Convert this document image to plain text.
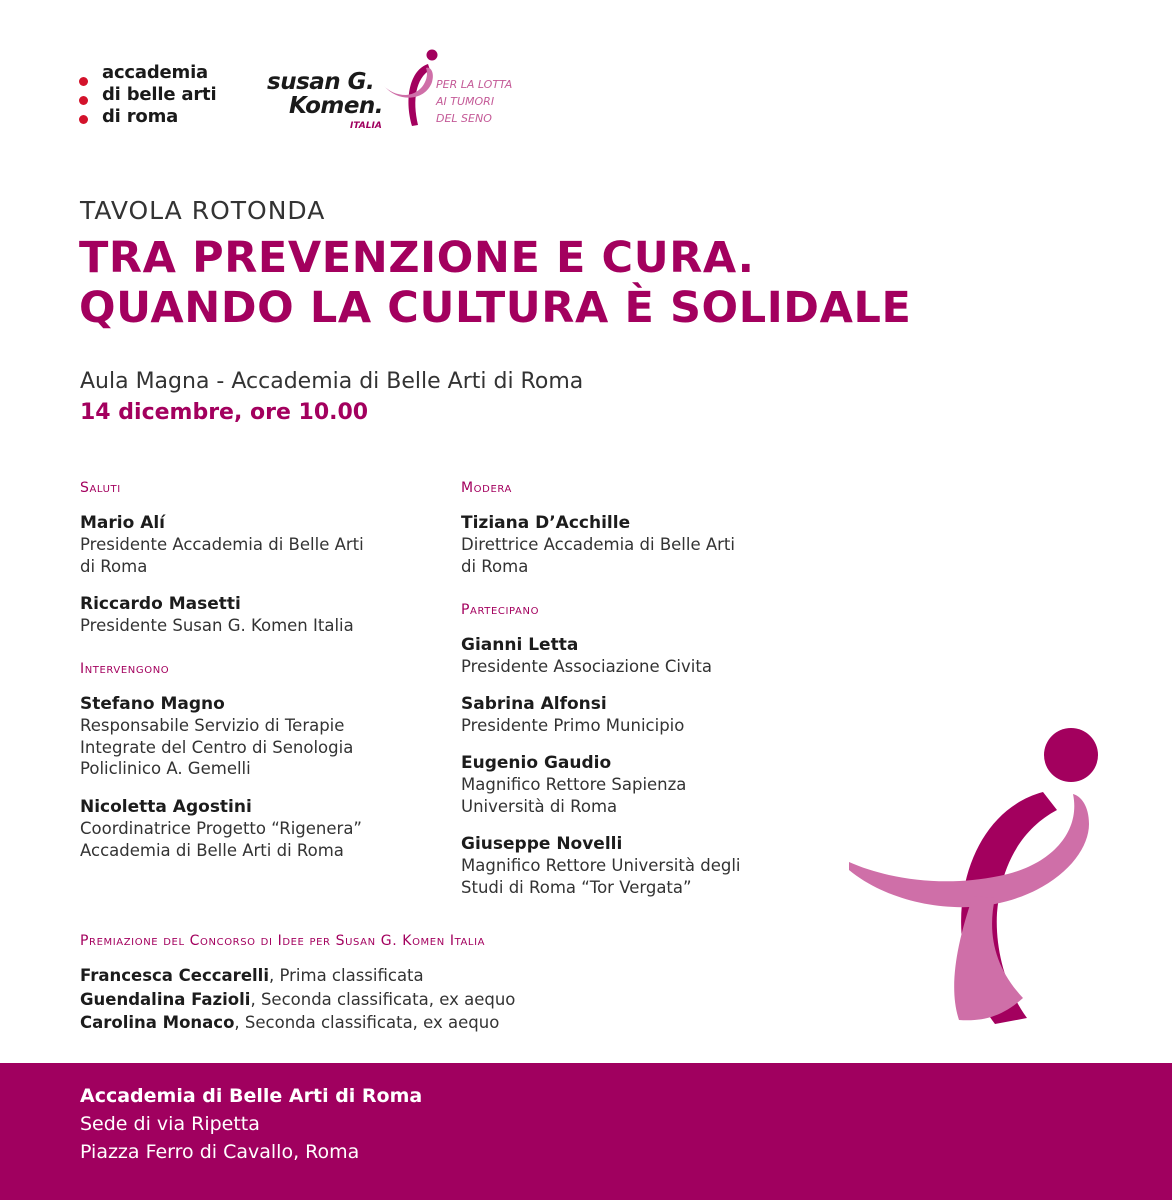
accademia
di belle arti
di roma
susan G.
Komen.
ITALIA
PER LA LOTTA
AI TUMORI
DEL SENO
TAVOLA ROTONDA
TRA PREVENZIONE E CURA.
QUANDO LA CULTURA È SOLIDALE
Aula Magna - Accademia di Belle Arti di Roma
14 dicembre, ore 10.00
Saluti
Mario Alí
Presidente Accademia di Belle Arti
di Roma
Riccardo Masetti
Presidente Susan G. Komen Italia
Intervengono
Stefano Magno
Responsabile Servizio di Terapie
Integrate del Centro di Senologia
Policlinico A. Gemelli
Nicoletta Agostini
Coordinatrice Progetto “Rigenera”
Accademia di Belle Arti di Roma
Modera
Tiziana D’Acchille
Direttrice Accademia di Belle Arti
di Roma
Partecipano
Gianni Letta
Presidente Associazione Civita
Sabrina Alfonsi
Presidente Primo Municipio
Eugenio Gaudio
Magnifico Rettore Sapienza
Università di Roma
Giuseppe Novelli
Magnifico Rettore Università degli
Studi di Roma “Tor Vergata”
Premiazione del Concorso di Idee per Susan G. Komen Italia
Francesca Ceccarelli, Prima classificata
Guendalina Fazioli, Seconda classificata, ex aequo
Carolina Monaco, Seconda classificata, ex aequo
Accademia di Belle Arti di Roma
Sede di via Ripetta
Piazza Ferro di Cavallo, Roma
